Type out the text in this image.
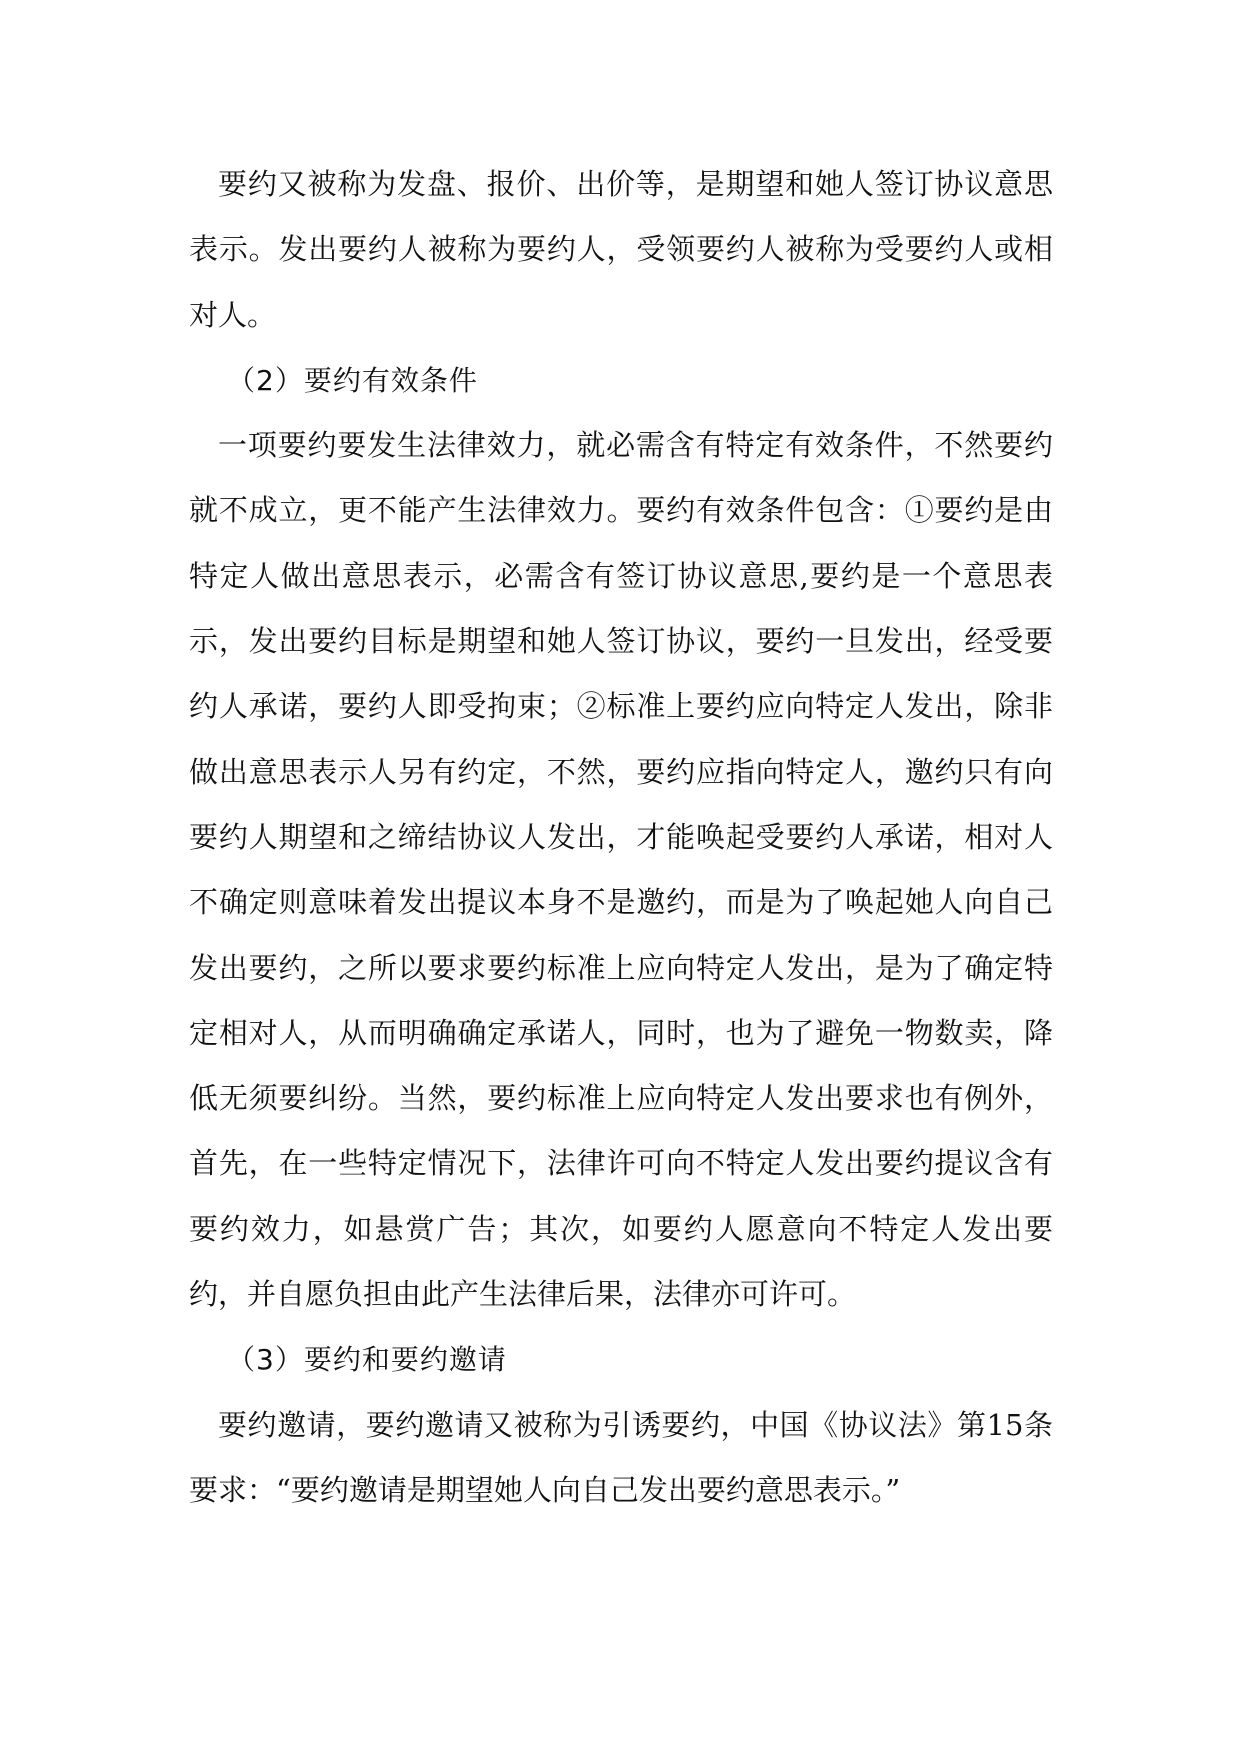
要约又被称为发盘、报价、出价等，是期望和她人签订协议意思表示。发出要约人被称为要约人，受领要约人被称为受要约人或相对人。

（2）要约有效条件

一项要约要发生法律效力，就必需含有特定有效条件，不然要约就不成立，更不能产生法律效力。要约有效条件包含：①要约是由特定人做出意思表示，必需含有签订协议意思,要约是一个意思表示，发出要约目标是期望和她人签订协议，要约一旦发出，经受要约人承诺，要约人即受拘束；②标准上要约应向特定人发出，除非做出意思表示人另有约定，不然，要约应指向特定人，邀约只有向要约人期望和之缔结协议人发出，才能唤起受要约人承诺，相对人不确定则意味着发出提议本身不是邀约，而是为了唤起她人向自己发出要约，之所以要求要约标准上应向特定人发出，是为了确定特定相对人，从而明确确定承诺人，同时，也为了避免一物数卖，降低无须要纠纷。当然，要约标准上应向特定人发出要求也有例外，首先，在一些特定情况下，法律许可向不特定人发出要约提议含有要约效力，如悬赏广告；其次，如要约人愿意向不特定人发出要约，并自愿负担由此产生法律后果，法律亦可许可。

（3）要约和要约邀请

要约邀请，要约邀请又被称为引诱要约，中国《协议法》第15条要求：“要约邀请是期望她人向自己发出要约意思表示。”
